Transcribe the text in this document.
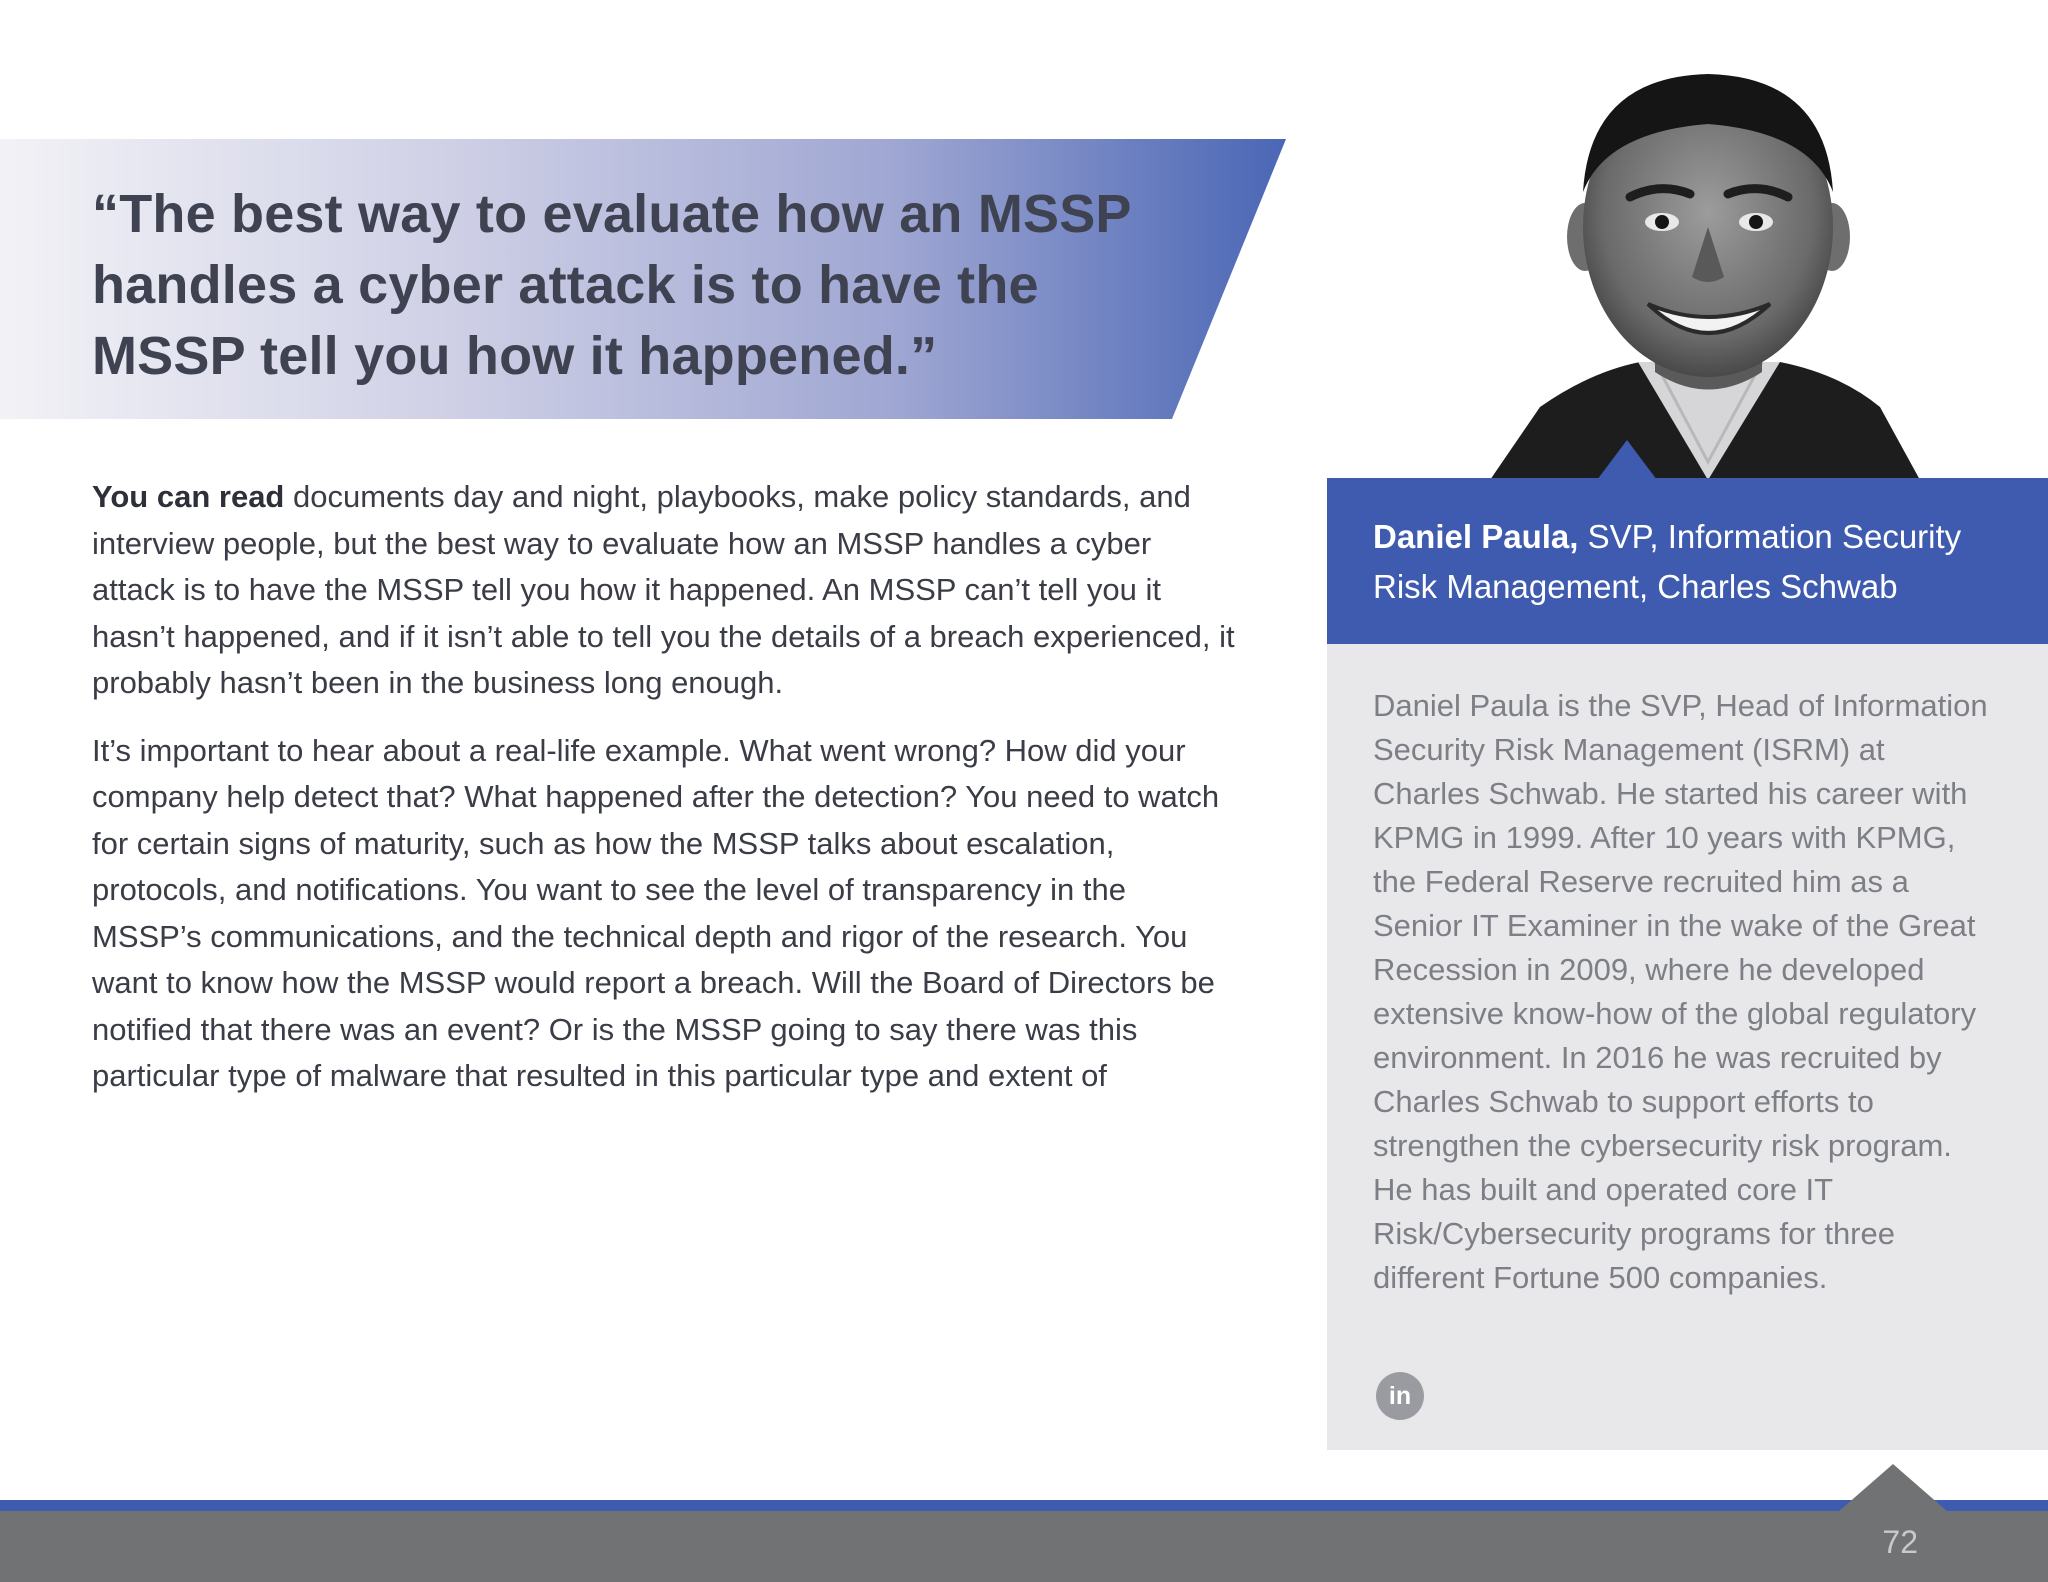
“The best way to evaluate how an MSSP handles a cyber attack is to have the MSSP tell you how it happened.”

You can read documents day and night, playbooks, make policy standards, and interview people, but the best way to evaluate how an MSSP handles a cyber attack is to have the MSSP tell you how it happened. An MSSP can’t tell you it hasn’t happened, and if it isn’t able to tell you the details of a breach experienced, it probably hasn’t been in the business long enough.

It’s important to hear about a real-life example. What went wrong? How did your company help detect that? What happened after the detection? You need to watch for certain signs of maturity, such as how the MSSP talks about escalation, protocols, and notifications. You want to see the level of transparency in the MSSP’s communications, and the technical depth and rigor of the research. You want to know how the MSSP would report a breach. Will the Board of Directors be notified that there was an event? Or is the MSSP going to say there was this particular type of malware that resulted in this particular type and extent of

Daniel Paula, SVP, Information Security Risk Management, Charles Schwab

Daniel Paula is the SVP, Head of Information Security Risk Management (ISRM) at Charles Schwab. He started his career with KPMG in 1999. After 10 years with KPMG, the Federal Reserve recruited him as a Senior IT Examiner in the wake of the Great Recession in 2009, where he developed extensive know-how of the global regulatory environment. In 2016 he was recruited by Charles Schwab to support efforts to strengthen the cybersecurity risk program. He has built and operated core IT Risk/Cybersecurity programs for three different Fortune 500 companies.

in
72
